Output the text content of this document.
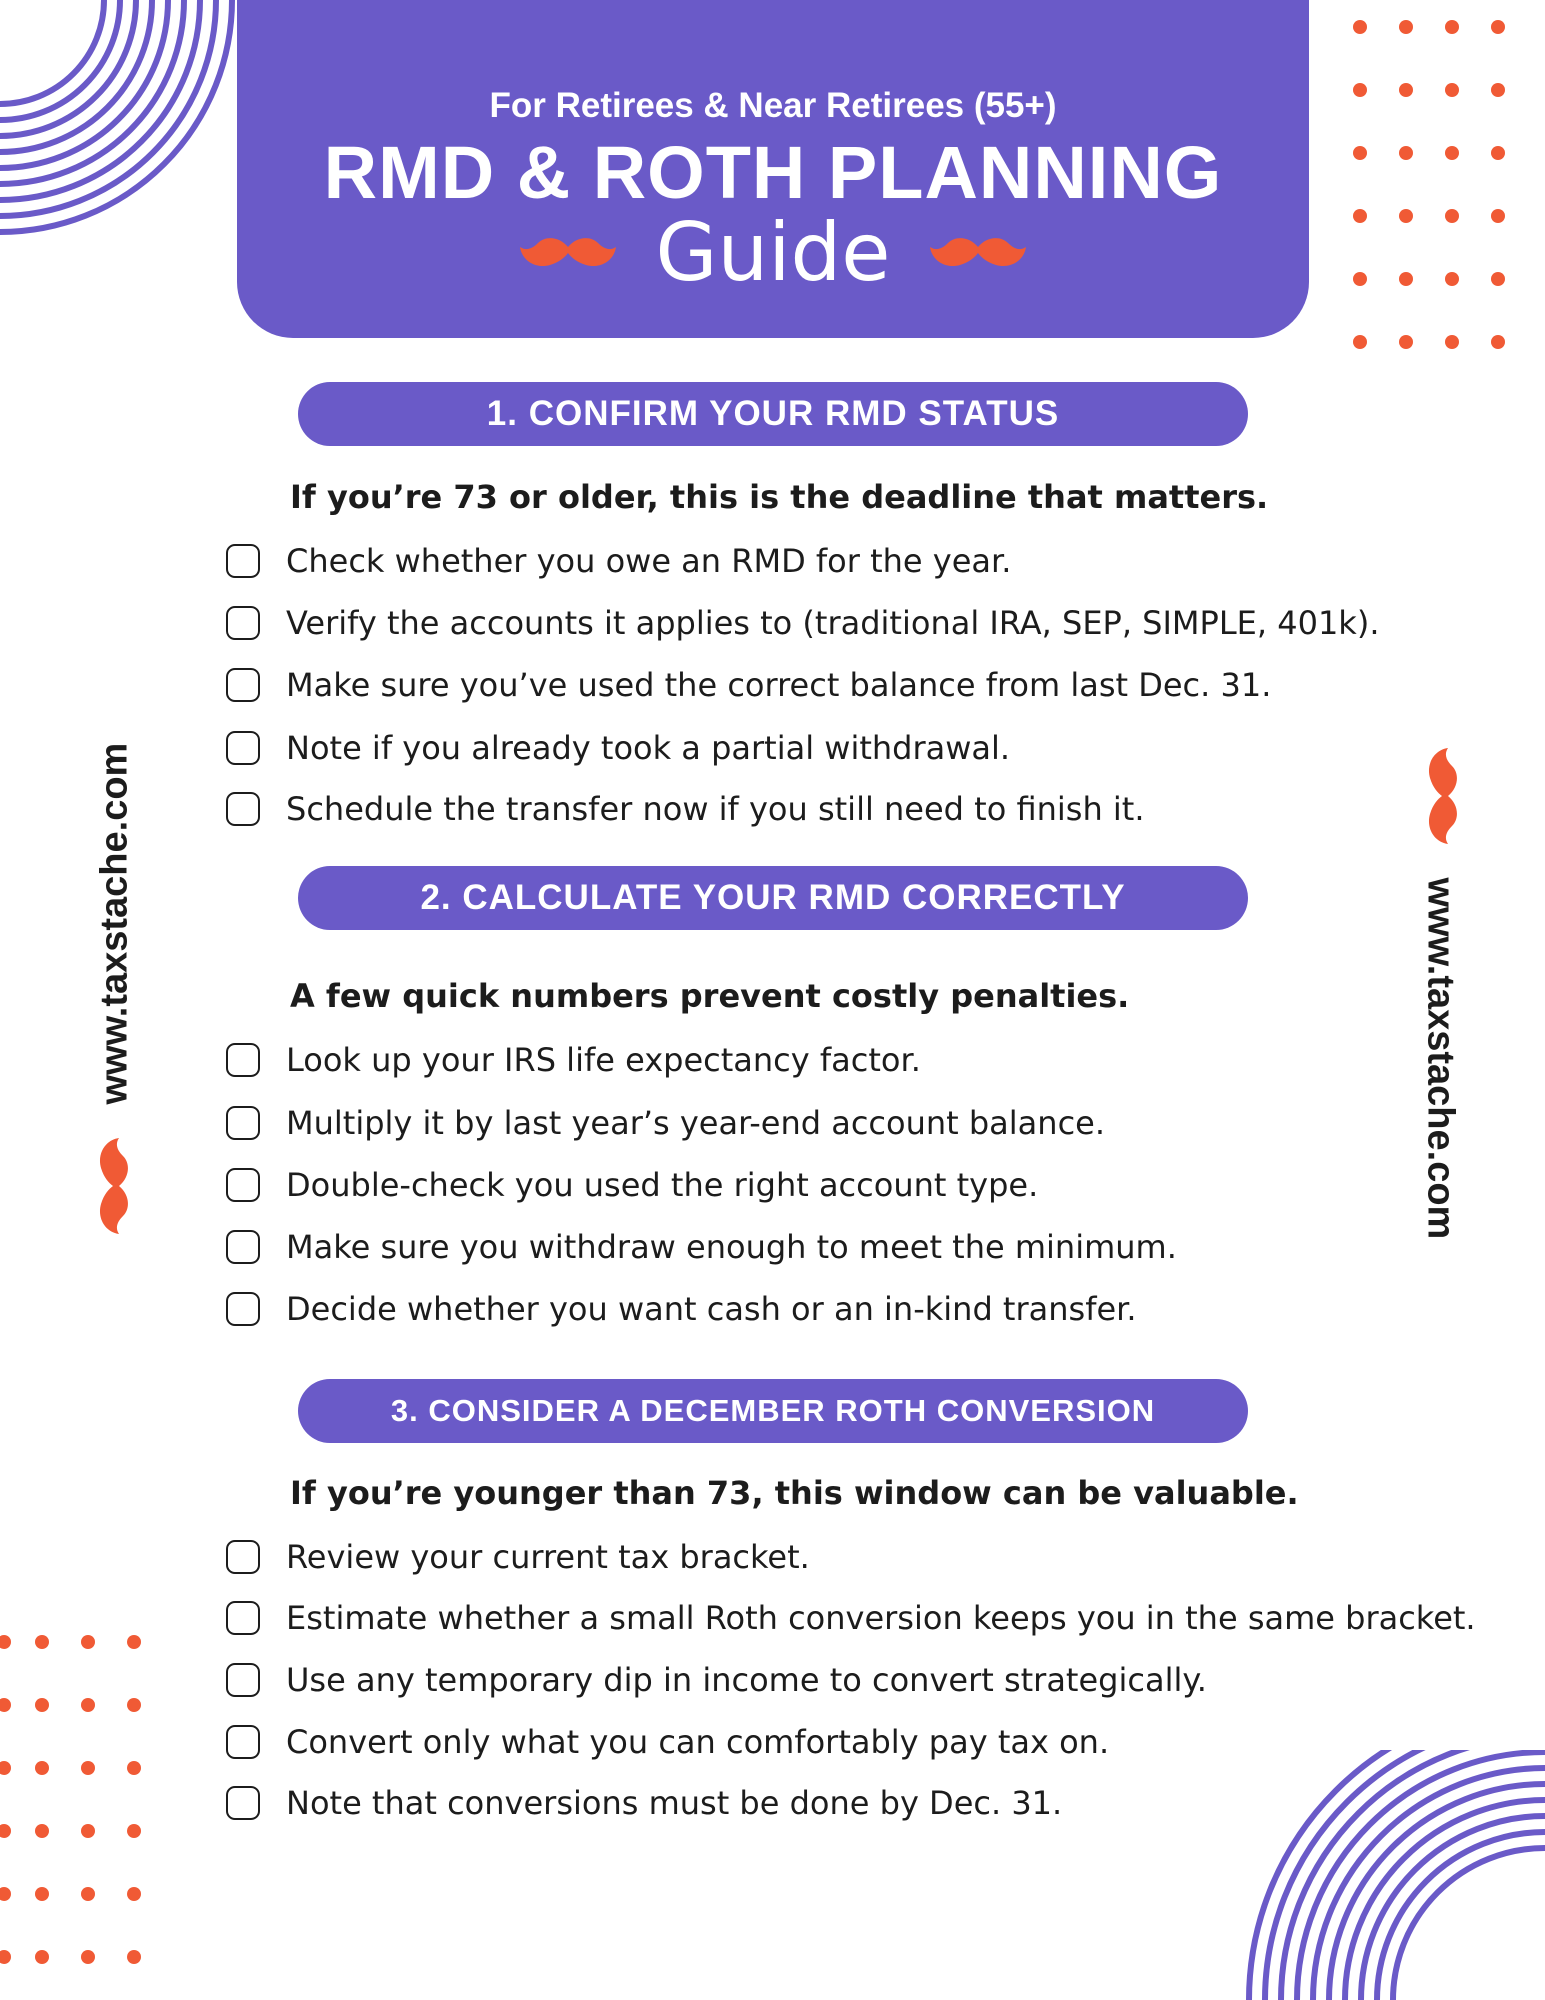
For Retirees & Near Retirees (55+)
RMD & ROTH PLANNING
Guide
www.taxstache.com	www.taxstache.com
1. CONFIRM YOUR RMD STATUS
If you’re 73 or older, this is the deadline that matters.
Check whether you owe an RMD for the year.
Verify the accounts it applies to (traditional IRA, SEP, SIMPLE, 401k).
Make sure you’ve used the correct balance from last Dec. 31.
Note if you already took a partial withdrawal.
Schedule the transfer now if you still need to finish it.
2. CALCULATE YOUR RMD CORRECTLY
A few quick numbers prevent costly penalties.
Look up your IRS life expectancy factor.
Multiply it by last year’s year-end account balance.
Double-check you used the right account type.
Make sure you withdraw enough to meet the minimum.
Decide whether you want cash or an in-kind transfer.
3. CONSIDER A DECEMBER ROTH CONVERSION
If you’re younger than 73, this window can be valuable.
Review your current tax bracket.
Estimate whether a small Roth conversion keeps you in the same bracket.
Use any temporary dip in income to convert strategically.
Convert only what you can comfortably pay tax on.
Note that conversions must be done by Dec. 31.
